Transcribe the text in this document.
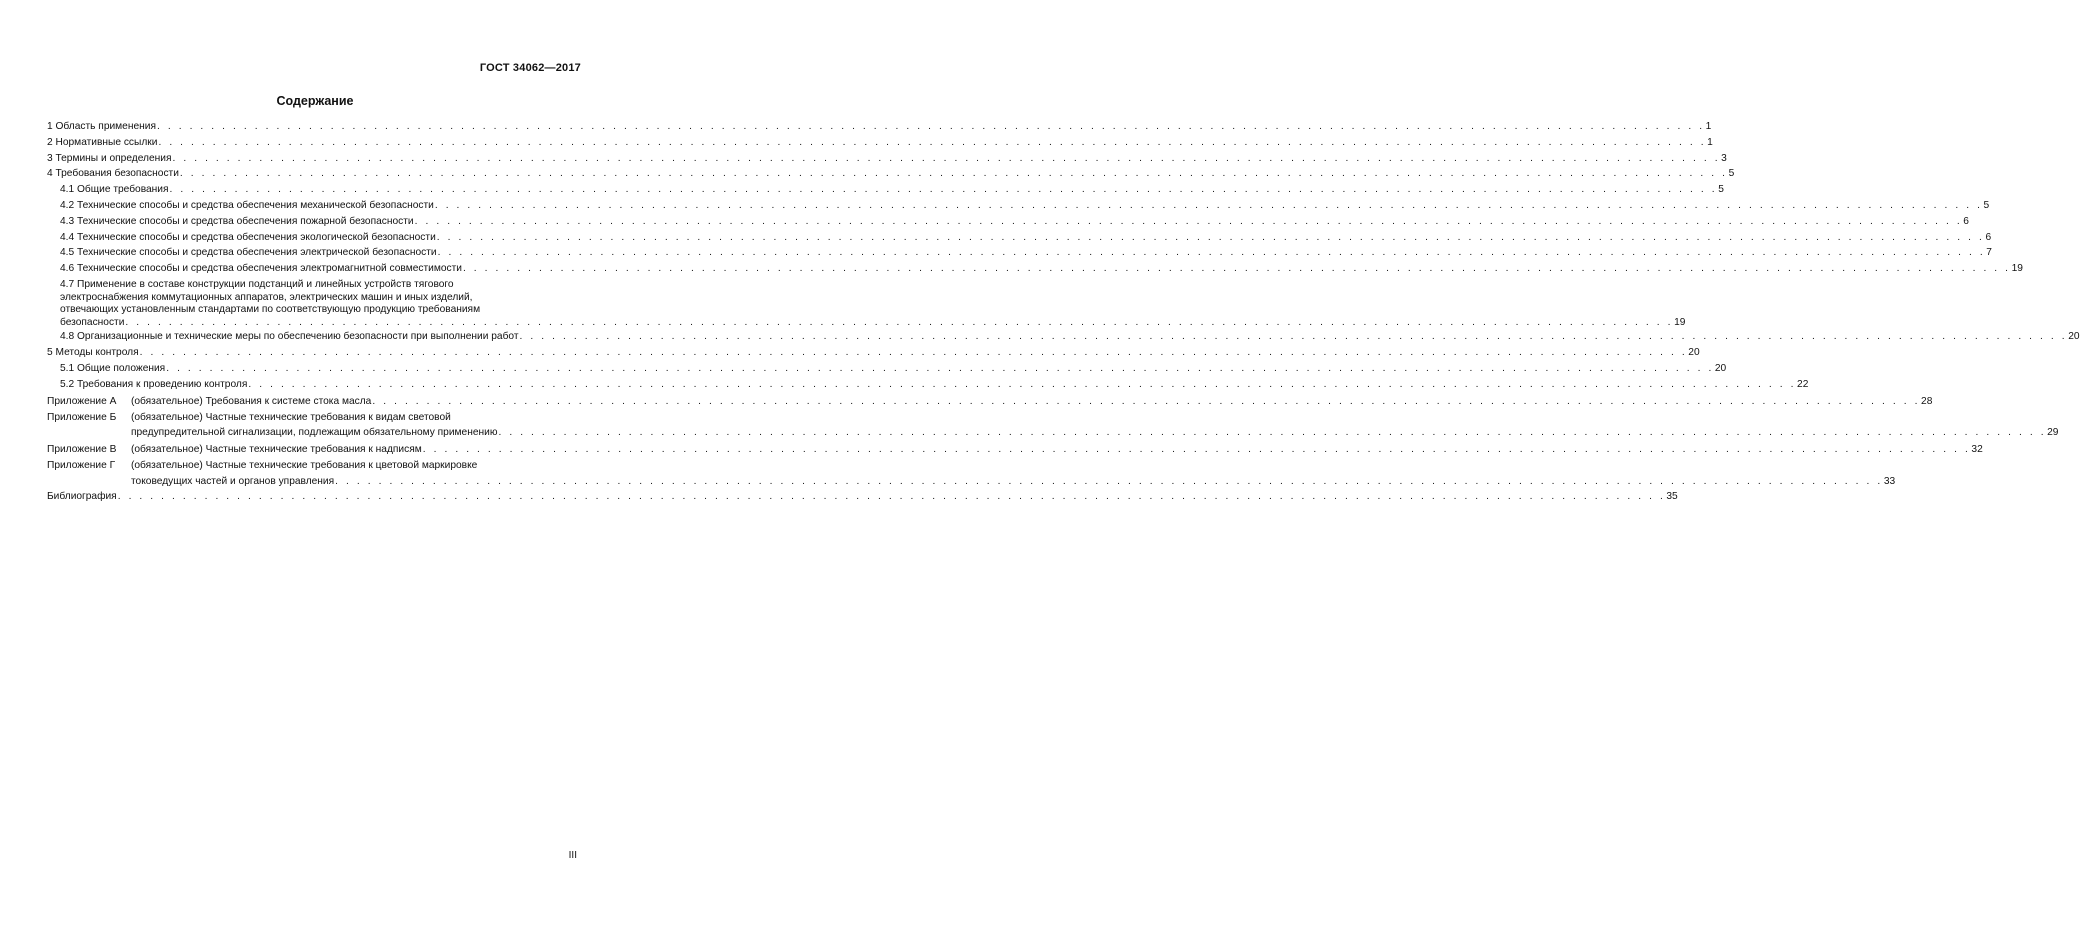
ГОСТ 34062—2017
Содержание
1 Область применения . . . . . . . . . . . . . . . . . . . . . . . . . . . . . . . . . . . . . . . . . . . . . . . . . . . . . . . . . . . . . . . . . . . . . . . . . . . . . . . . . . . . . . . . . . . . . . . . . . . . . . . . . . . . . . . . . . . . . . . . . . . . . . . . . . . . . . . . . . . . . . . 1
2 Нормативные ссылки . . . . . . . . . . . . . . . . . . . . . . . . . . . . . . . . . . . . . . . . . . . . . . . . . . . . . . . . . . . . . . . . . . . . . . . . . . . . . . . . . . . . . . . . . . . . . . . . . . . . . . . . . . . . . . . . . . . . . . . . . . . . . . . . . . . . . . . . . . . . . . . 1
3 Термины и определения . . . . . . . . . . . . . . . . . . . . . . . . . . . . . . . . . . . . . . . . . . . . . . . . . . . . . . . . . . . . . . . . . . . . . . . . . . . . . . . . . . . . . . . . . . . . . . . . . . . . . . . . . . . . . . . . . . . . . . . . . . . . . . . . . . . . . . . . . . . . . . . 3
4 Требования безопасности . . . . . . . . . . . . . . . . . . . . . . . . . . . . . . . . . . . . . . . . . . . . . . . . . . . . . . . . . . . . . . . . . . . . . . . . . . . . . . . . . . . . . . . . . . . . . . . . . . . . . . . . . . . . . . . . . . . . . . . . . . . . . . . . . . . . . . . . . . . . . . . 5
4.1 Общие требования . . . . . . . . . . . . . . . . . . . . . . . . . . . . . . . . . . . . . . . . . . . . . . . . . . . . . . . . . . . . . . . . . . . . . . . . . . . . . . . . . . . . . . . . . . . . . . . . . . . . . . . . . . . . . . . . . . . . . . . . . . . . . . . . . . . . . . . . . . . . . . . 5
4.2 Технические способы и средства обеспечения механической безопасности . . . . . . . . . . . . . . . . . . . . . . . . . . . . . . . . . . . . . . . . . . . . . . . . . . . . . . . . . . . . . . . . . . . . . . . . . . . . . . . . . . . . . . . . . . . . . . . . . . . . . . . . . . . . . . . . . . . . . . . . . . . . . . . . . . . . . . . . . . . . . . . 5
4.3 Технические способы и средства обеспечения пожарной безопасности . . . . . . . . . . . . . . . . . . . . . . . . . . . . . . . . . . . . . . . . . . . . . . . . . . . . . . . . . . . . . . . . . . . . . . . . . . . . . . . . . . . . . . . . . . . . . . . . . . . . . . . . . . . . . . . . . . . . . . . . . . . . . . . . . . . . . . . . . . . . . . . 6
4.4 Технические способы и средства обеспечения экологической безопасности . . . . . . . . . . . . . . . . . . . . . . . . . . . . . . . . . . . . . . . . . . . . . . . . . . . . . . . . . . . . . . . . . . . . . . . . . . . . . . . . . . . . . . . . . . . . . . . . . . . . . . . . . . . . . . . . . . . . . . . . . . . . . . . . . . . . . . . . . . . . . . . 6
4.5 Технические способы и средства обеспечения электрической безопасности . . . . . . . . . . . . . . . . . . . . . . . . . . . . . . . . . . . . . . . . . . . . . . . . . . . . . . . . . . . . . . . . . . . . . . . . . . . . . . . . . . . . . . . . . . . . . . . . . . . . . . . . . . . . . . . . . . . . . . . . . . . . . . . . . . . . . . . . . . . . . . . 7
4.6 Технические способы и средства обеспечения электромагнитной совместимости . . . . . . . . . . . . . . . . . . . . . . . . . . . . . . . . . . . . . . . . . . . . . . . . . . . . . . . . . . . . . . . . . . . . . . . . . . . . . . . . . . . . . . . . . . . . . . . . . . . . . . . . . . . . . . . . . . . . . . . . . . . . . . . . . . . . . . . . . . . . . . . 19
4.7 Применение в составе конструкции подстанций и линейных устройств тягового
электроснабжения коммутационных аппаратов, электрических машин и иных изделий,
отвечающих установленным стандартами по соответствующую продукцию требованиям
безопасности . . . . . . . . . . . . . . . . . . . . . . . . . . . . . . . . . . . . . . . . . . . . . . . . . . . . . . . . . . . . . . . . . . . . . . . . . . . . . . . . . . . . . . . . . . . . . . . . . . . . . . . . . . . . . . . . . . . . . . . . . . . . . . . . . . . . . . . . . . . . . . . 19
4.8 Организационные и технические меры по обеспечению безопасности при выполнении работ . . . . . . . . . . . . . . . . . . . . . . . . . . . . . . . . . . . . . . . . . . . . . . . . . . . . . . . . . . . . . . . . . . . . . . . . . . . . . . . . . . . . . . . . . . . . . . . . . . . . . . . . . . . . . . . . . . . . . . . . . . . . . . . . . . . . . . . . . . . . . . . 20
5 Методы контроля . . . . . . . . . . . . . . . . . . . . . . . . . . . . . . . . . . . . . . . . . . . . . . . . . . . . . . . . . . . . . . . . . . . . . . . . . . . . . . . . . . . . . . . . . . . . . . . . . . . . . . . . . . . . . . . . . . . . . . . . . . . . . . . . . . . . . . . . . . . . . . . 20
5.1 Общие положения . . . . . . . . . . . . . . . . . . . . . . . . . . . . . . . . . . . . . . . . . . . . . . . . . . . . . . . . . . . . . . . . . . . . . . . . . . . . . . . . . . . . . . . . . . . . . . . . . . . . . . . . . . . . . . . . . . . . . . . . . . . . . . . . . . . . . . . . . . . . . . . 20
5.2 Требования к проведению контроля . . . . . . . . . . . . . . . . . . . . . . . . . . . . . . . . . . . . . . . . . . . . . . . . . . . . . . . . . . . . . . . . . . . . . . . . . . . . . . . . . . . . . . . . . . . . . . . . . . . . . . . . . . . . . . . . . . . . . . . . . . . . . . . . . . . . . . . . . . . . . . . 22
Приложение А	(обязательное) Требования к системе стока масла . . . . . . . . . . . . . . . . . . . . . . . . . . . . . . . . . . . . . . . . . . . . . . . . . . . . . . . . . . . . . . . . . . . . . . . . . . . . . . . . . . . . . . . . . . . . . . . . . . . . . . . . . . . . . . . . . . . . . . . . . . . . . . . . . . . . . . . . . . . . . . . 28
Приложение Б	(обязательное) Частные технические требования к видам световой
предупредительной сигнализации, подлежащим обязательному применению . . . . . . . . . . . . . . . . . . . . . . . . . . . . . . . . . . . . . . . . . . . . . . . . . . . . . . . . . . . . . . . . . . . . . . . . . . . . . . . . . . . . . . . . . . . . . . . . . . . . . . . . . . . . . . . . . . . . . . . . . . . . . . . . . . . . . . . . . . . . . . . 29
Приложение В	(обязательное) Частные технические требования к надписям . . . . . . . . . . . . . . . . . . . . . . . . . . . . . . . . . . . . . . . . . . . . . . . . . . . . . . . . . . . . . . . . . . . . . . . . . . . . . . . . . . . . . . . . . . . . . . . . . . . . . . . . . . . . . . . . . . . . . . . . . . . . . . . . . . . . . . . . . . . . . . . 32
Приложение Г	(обязательное) Частные технические требования к цветовой маркировке
токоведущих частей и органов управления . . . . . . . . . . . . . . . . . . . . . . . . . . . . . . . . . . . . . . . . . . . . . . . . . . . . . . . . . . . . . . . . . . . . . . . . . . . . . . . . . . . . . . . . . . . . . . . . . . . . . . . . . . . . . . . . . . . . . . . . . . . . . . . . . . . . . . . . . . . . . . . 33
Библиография . . . . . . . . . . . . . . . . . . . . . . . . . . . . . . . . . . . . . . . . . . . . . . . . . . . . . . . . . . . . . . . . . . . . . . . . . . . . . . . . . . . . . . . . . . . . . . . . . . . . . . . . . . . . . . . . . . . . . . . . . . . . . . . . . . . . . . . . . . . . . . . 35
III
